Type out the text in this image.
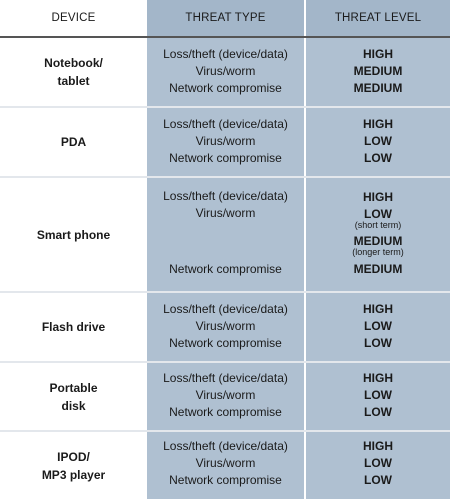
DEVICE	THREAT TYPE	THREAT LEVEL
Notebook/
tablet
Loss/theft (device/data)
Virus/worm
Network compromise
HIGH
MEDIUM
MEDIUM
PDA
Loss/theft (device/data)
Virus/worm
Network compromise
HIGH
LOW
LOW
Smart phone
Loss/theft (device/data)
Virus/worm
Network compromise
HIGH
LOW
(short term)
MEDIUM
(longer term)
MEDIUM
Flash drive
Loss/theft (device/data)
Virus/worm
Network compromise
HIGH
LOW
LOW
Portable
disk
Loss/theft (device/data)
Virus/worm
Network compromise
HIGH
LOW
LOW
IPOD/
MP3 player
Loss/theft (device/data)
Virus/worm
Network compromise
HIGH
LOW
LOW
